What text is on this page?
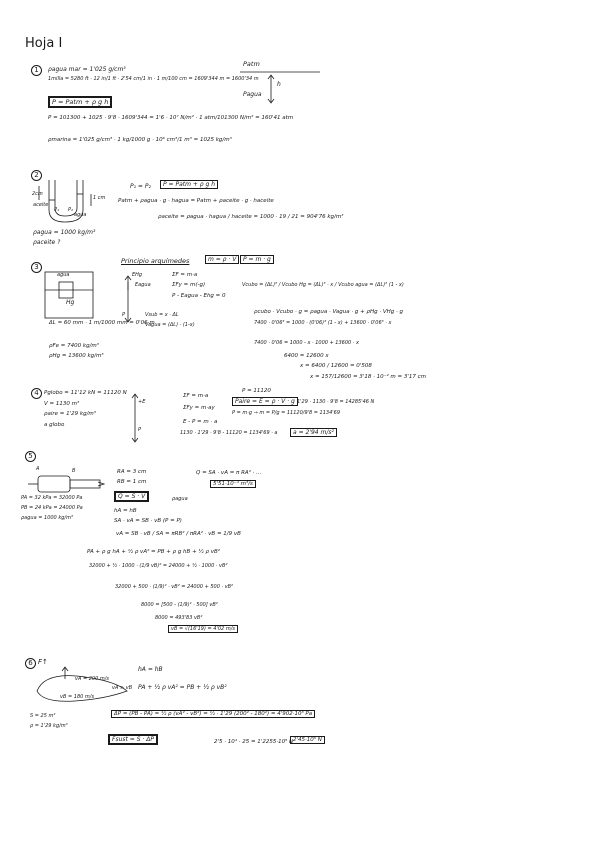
Hoja I
1	ρagua mar = 1'025 g/cm³
1milla = 5280 ft · 12 in/1 ft · 2'54 cm/1 in · 1 m/100 cm = 1609'344 m = 1600'34 m
P = Patm + ρ g h
P = 101300 + 1025 · 9'8 · 1609'344 = 1'6 · 10⁷ N/m² · 1 atm/101300 N/m² = 160'41 atm
ρmarina = 1'025 g/cm³ · 1 kg/1000 g · 10⁶ cm³/1 m³ = 1025 kg/m³
Patm
Pagua
h
2
2cm
aceite
agua
1 cm
P₁ P₂
P₁ = P₂	P = Patm + ρ g h
Patm + ρagua · g · hagua = Patm + ρaceite · g · haceite
ρaceite = ρagua · hagua / haceite = 1000 · 19 / 21 = 904'76 kg/m³
ρagua = 1000 kg/m³
ρaceite ?
3
agua
Hg
EHg
Eagua
P
Principio arquímedes	m = ρ · V	P = m · g
ΣF = m·a
ΣFy = m(-g)
P - Eagua - Ehg = 0
Vcubo = (ΔL)³ / Vcubo Hg = (ΔL)³ · x / Vcubo agua = (ΔL)³ (1 - x)
ΔL = 60 mm · 1 m/1000 mm = 0'06 m
Vsub = x · ΔL
Vagua = (ΔL) · (1-x)
ρcubo · Vcubo · g = ρagua · Vagua · g + ρHg · VHg · g
7400 · 0'06³ = 1000 · (0'06)³ (1 - x) + 13600 · 0'06³ · x
7400 · 0'06 = 1000 - x · 1000 + 13600 · x
6400 = 12600 x
x = 6400 / 12600 = 0'508
x = 157/12600 = 3'18 · 10⁻² m = 3'17 cm
ρFe = 7400 kg/m³
ρHg = 13600 kg/m³
4 Pglobo = 11'12 kN = 11120 N
V = 1130 m³
ρaire = 1'29 kg/m³
a globo
+E
P
ΣF = m·a
ΣFy = m·ay
E - P = m · a
P = 11120
Paire = E = ρ · V · g 1'29 · 1130 · 9'8 = 14285'46 N
P = m·g → m = P/g = 11120/9'8 = 1134'69
1130 · 1'29 · 9'8 - 11120 = 1134'69 · a	a = 2'94 m/s²
5
A	B
PA = 32 kPa = 32000 Pa
PB = 24 kPa = 24000 Pa
ρagua = 1000 kg/m³
RA = 3 cm
RB = 1 cm
Q = SA · vA = π RA² · ...
5'51·10⁻⁴ m³/s
Q = S · V	ρagua
hA = hB
SA · vA = SB · vB (P = P)
vA = SB · vB / SA = πRB² / πRA² · vB = 1/9 vB
PA + ρ g hA + ½ ρ vA² = PB + ρ g hB + ½ ρ vB²
32000 + ½ · 1000 · (1/9 vB)² = 24000 + ½ · 1000 · vB²
32000 + 500 · (1/9)² · vB² = 24000 + 500 · vB²
8000 = [500 - (1/9)² · 500] vB²
8000 = 493'83 vB²
vB = √(16'19) = 4'02 m/s
6 F↑
vA = 200 m/s
vB = 180 m/s
hA = hB
vA > vB PA + ½ ρ vA² = PB + ½ ρ vB²
ΔP = (PB - PA) = ½ ρ (vA² - vB²) = ½ · 1'29 (200² - 180²) = 4'902·10³ Pa
S = 25 m²
ρ = 1'29 kg/m³
Fsust = S · ΔP	2'5 · 10⁴ · 25 = 1'2255·10⁵ N 2'45·10⁵ N
